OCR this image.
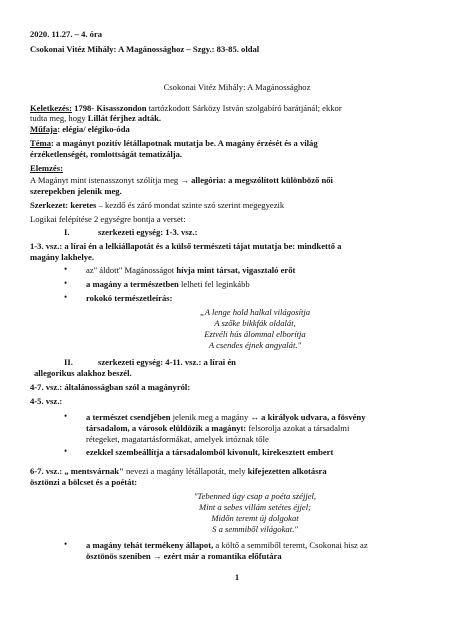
2020. 11.27. – 4. óra
Csokonai Vitéz Mihály: A Magánossághoz – Szgy.: 83-85. oldal
Csokonai Vitéz Mihály: A Magánossághoz
Keletkezés: 1798- Kisasszondon tartózkodott Sárközy István szolgabíró barátjánál; ekkor
tudta meg, hogy Lillát férjhez adták.
Műfaja: elégia/ elégiko-óda
Téma: a magányt pozitív létállapotnak mutatja be. A magány érzését és a világ
érzéketlenségét, romlottságát tematizálja.
Elemzés:
A Magányt mint istenasszonyt szólítja meg → allegória: a megszólított különböző női
szerepekben jelenik meg.
Szerkezet: keretes – kezdő és záró mondat szinte szó szerint megegyezik
Logikai felépítése 2 egységre bontja a verset:
I.	szerkezeti egység: 1-3. vsz.:
1-3. vsz.: a lírai én a lelkiállapotát és a külső természeti tájat mutatja be: mindkettő a
magány lakhelye.
• az" áldott" Magánosságot hívja mint társat, vigasztaló erőt
• a magány a természetben lelheti fel leginkább
• rokokó természetleírás:
„A lenge hold halkal világosítja
A szőke bikkfák oldalát,
Eztvéli hús álommal elborítja
A csendes éjnek angyalát."
II.	szerkezeti egység: 4-11. vsz.: a lírai én
allegorikus alakhoz beszél.
4-7. vsz.: általánosságban szól a magányról:
4-5. vsz.:
• a természet csendjében jelenik meg a magány ↔ a királyok udvara, a fösvény
társadalom, a városok elüldözik a magányt: felsorolja azokat a társadalmi
rétegeket, magatartásformákat, amelyek irtóznak tőle
• ezekkel szembeállítja a társadalomból kivonult, kirekesztett embert
6-7. vsz.: „ mentsvárnak" nevezi a magány létállapotát, mely kifejezetten alkotásra
ösztönzi a bölcset és a poétát:
"Tebenned úgy csap a poéta széjjel,
Mint a sebes villám setétes éjjel;
Midőn teremt új dolgokat
S a semmiből világokat."
• a magány tehát termékeny állapot, a költő a semmiből teremt, Csokonai hisz az
ösztönös szeniben → ezért már a romantika előfutára
1
